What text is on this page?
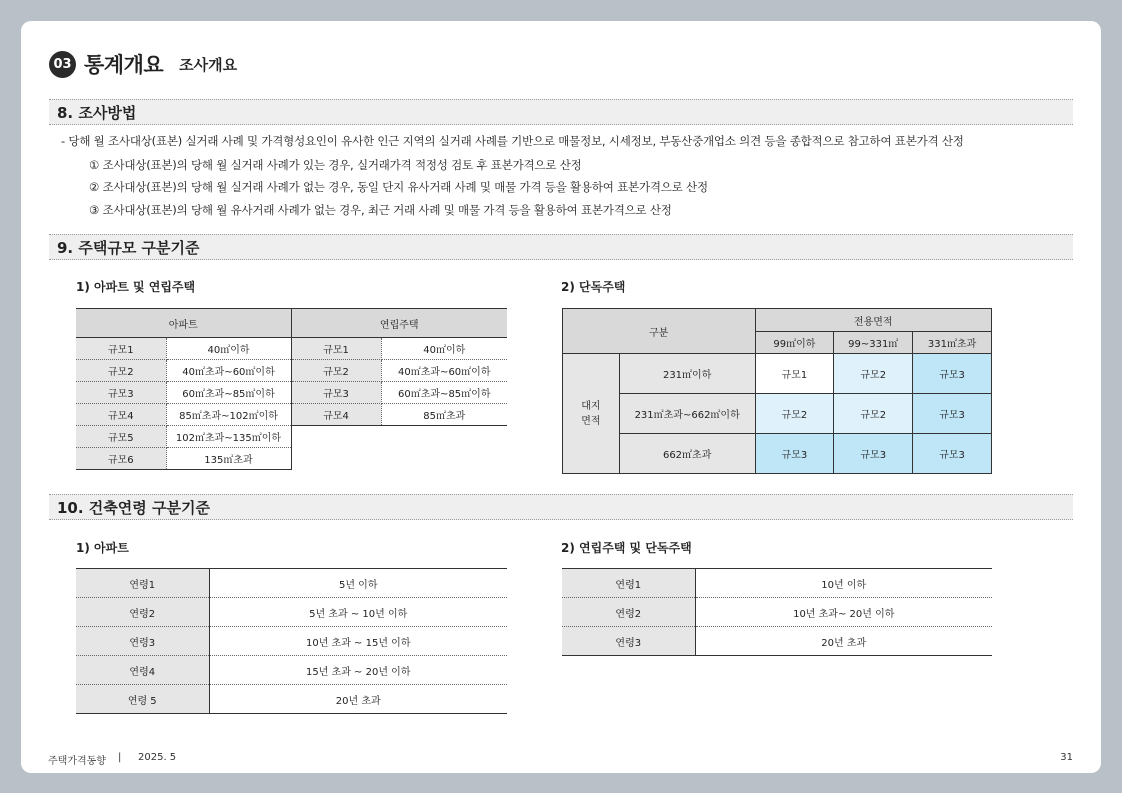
03 통계개요 조사개요
8. 조사방법
- 당해 월 조사대상(표본) 실거래 사례 및 가격형성요인이 유사한 인근 지역의 실거래 사례를 기반으로 매물정보, 시세정보, 부동산중개업소 의견 등을 종합적으로 참고하여 표본가격 산정
① 조사대상(표본)의 당해 월 실거래 사례가 있는 경우, 실거래가격 적정성 검토 후 표본가격으로 산정
② 조사대상(표본)의 당해 월 실거래 사례가 없는 경우, 동일 단지 유사거래 사례 및 매물 가격 등을 활용하여 표본가격으로 산정
③ 조사대상(표본)의 당해 월 유사거래 사례가 없는 경우, 최근 거래 사례 및 매물 가격 등을 활용하여 표본가격으로 산정
9. 주택규모 구분기준
1) 아파트 및 연립주택	2) 단독주택
아파트		연립주택	
규모1	40㎡이하	규모1	40㎡이하
규모2	40㎡초과~60㎡이하	규모2	40㎡초과~60㎡이하
규모3	60㎡초과~85㎡이하	규모3	60㎡초과~85㎡이하
규모4	85㎡초과~102㎡이하	규모4	85㎡초과
규모5	102㎡초과~135㎡이하		
규모6	135㎡초과		
구분		전용면적		
		99㎡이하	99~331㎡	331㎡초과
대지
면적	231㎡이하	규모1	규모2	규모3
	231㎡초과~662㎡이하	규모2	규모2	규모3
	662㎡초과	규모3	규모3	규모3
10. 건축연령 구분기준
1) 아파트	2) 연립주택 및 단독주택
연령1	5년 이하
연령2	5년 초과 ~ 10년 이하
연령3	10년 초과 ~ 15년 이하
연령4	15년 초과 ~ 20년 이하
연령 5	20년 초과
연령1	10년 이하
연령2	10년 초과~ 20년 이하
연령3	20년 초과
주택가격동향 | 2025. 5	31
